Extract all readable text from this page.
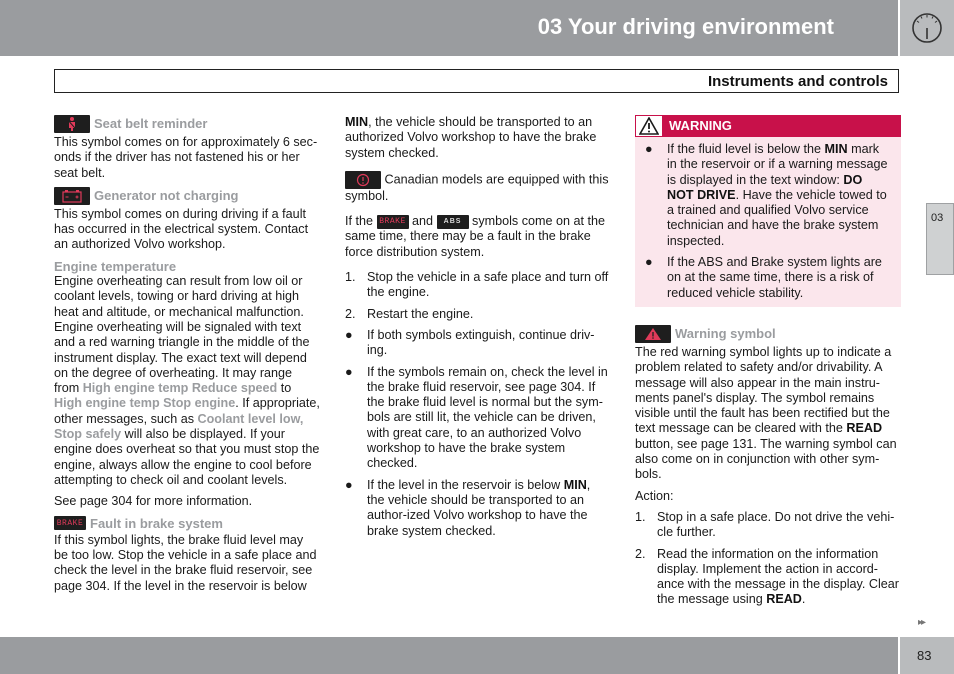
03 Your driving environment
Instruments and controls
03
Seat belt reminder

This symbol comes on for approximately 6 sec-onds if the driver has not fastened his or her seat belt.

Generator not charging

This symbol comes on during driving if a fault has occurred in the electrical system. Contact an authorized Volvo workshop.

Engine temperature

Engine overheating can result from low oil or coolant levels, towing or hard driving at high heat and altitude, or mechanical malfunction. Engine overheating will be signaled with text and a red warning triangle in the middle of the instrument display. The exact text will depend on the degree of overheating. It may range from High engine temp Reduce speed to High engine temp Stop engine. If appropriate, other messages, such as Coolant level low, Stop safely will also be displayed. If your engine does overheat so that you must stop the engine, always allow the engine to cool before attempting to check oil and coolant levels.

See page 304 for more information.

BRAKE Fault in brake system

If this symbol lights, the brake fluid level may be too low. Stop the vehicle in a safe place and check the level in the brake fluid reservoir, see page 304. If the level in the reservoir is below

MIN, the vehicle should be transported to an authorized Volvo workshop to have the brake system checked.

Canadian models are equipped with this symbol.

If the BRAKE and	ABS symbols come on at the same time, there may be a fault in the brake force distribution system.

1. Stop the vehicle in a safe place and turn off the engine.
2. Restart the engine.
● If both symbols extinguish, continue driv-ing.
● If the symbols remain on, check the level in the brake fluid reservoir, see page 304. If the brake fluid level is normal but the sym-bols are still lit, the vehicle can be driven, with great care, to an authorized Volvo workshop to have the brake system checked.
● If the level in the reservoir is below MIN, the vehicle should be transported to an author-ized Volvo workshop to have the brake system checked.
WARNING
● If the fluid level is below the MIN mark in the reservoir or if a warning message is displayed in the text window: DO NOT DRIVE. Have the vehicle towed to a trained and qualified Volvo service technician and have the brake system inspected.
● If the ABS and Brake system lights are on at the same time, there is a risk of reduced vehicle stability.
Warning symbol

The red warning symbol lights up to indicate a problem related to safety and/or drivability. A message will also appear in the main instru-ments panel's display. The symbol remains visible until the fault has been rectified but the text message can be cleared with the READ button, see page 131. The warning symbol can also come on in conjunction with other sym-bols.

Action:

1. Stop in a safe place. Do not drive the vehi-cle further.
2. Read the information on the information display. Implement the action in accord-ance with the message in the display. Clear the message using READ.
▸▸
83
